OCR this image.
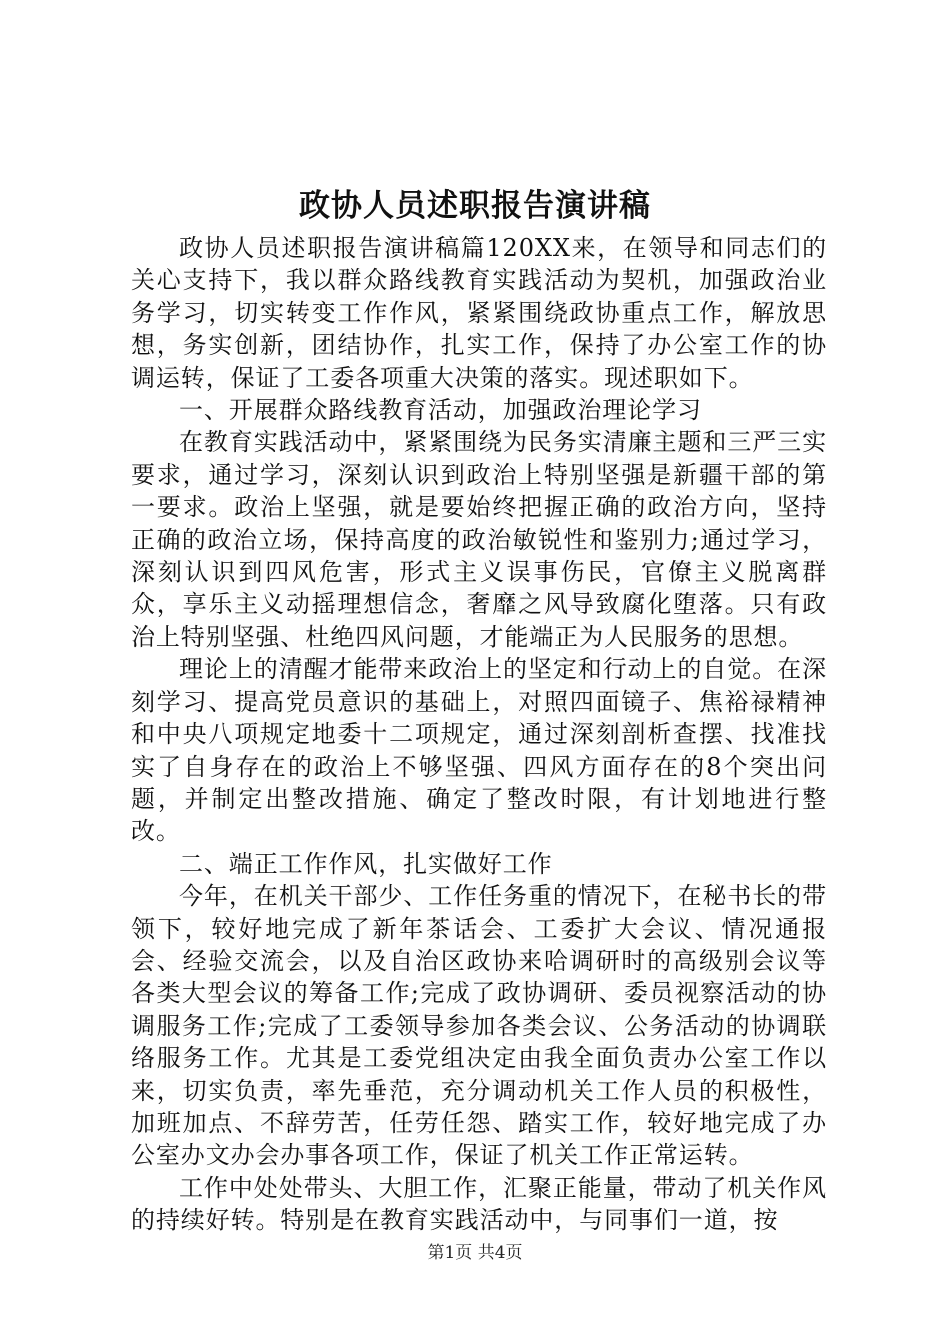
政协人员述职报告演讲稿

政协人员述职报告演讲稿篇120XX来，在领导和同志们的关心支持下，我以群众路线教育实践活动为契机，加强政治业务学习，切实转变工作作风，紧紧围绕政协重点工作，解放思想，务实创新，团结协作，扎实工作，保持了办公室工作的协调运转，保证了工委各项重大决策的落实。现述职如下。

一、开展群众路线教育活动，加强政治理论学习

在教育实践活动中，紧紧围绕为民务实清廉主题和三严三实要求，通过学习，深刻认识到政治上特别坚强是新疆干部的第一要求。政治上坚强，就是要始终把握正确的政治方向，坚持正确的政治立场，保持高度的政治敏锐性和鉴别力;通过学习，深刻认识到四风危害，形式主义误事伤民，官僚主义脱离群众，享乐主义动摇理想信念，奢靡之风导致腐化堕落。只有政治上特别坚强、杜绝四风问题，才能端正为人民服务的思想。

理论上的清醒才能带来政治上的坚定和行动上的自觉。在深刻学习、提高党员意识的基础上，对照四面镜子、焦裕禄精神和中央八项规定地委十二项规定，通过深刻剖析查摆、找准找实了自身存在的政治上不够坚强、四风方面存在的8个突出问题，并制定出整改措施、确定了整改时限，有计划地进行整改。

二、端正工作作风，扎实做好工作

今年，在机关干部少、工作任务重的情况下，在秘书长的带领下，较好地完成了新年茶话会、工委扩大会议、情况通报会、经验交流会，以及自治区政协来哈调研时的高级别会议等各类大型会议的筹备工作;完成了政协调研、委员视察活动的协调服务工作;完成了工委领导参加各类会议、公务活动的协调联络服务工作。尤其是工委党组决定由我全面负责办公室工作以来，切实负责，率先垂范，充分调动机关工作人员的积极性，加班加点、不辞劳苦，任劳任怨、踏实工作，较好地完成了办公室办文办会办事各项工作，保证了机关工作正常运转。

工作中处处带头、大胆工作，汇聚正能量，带动了机关作风的持续好转。特别是在教育实践活动中，与同事们一道，按

第1页 共4页
